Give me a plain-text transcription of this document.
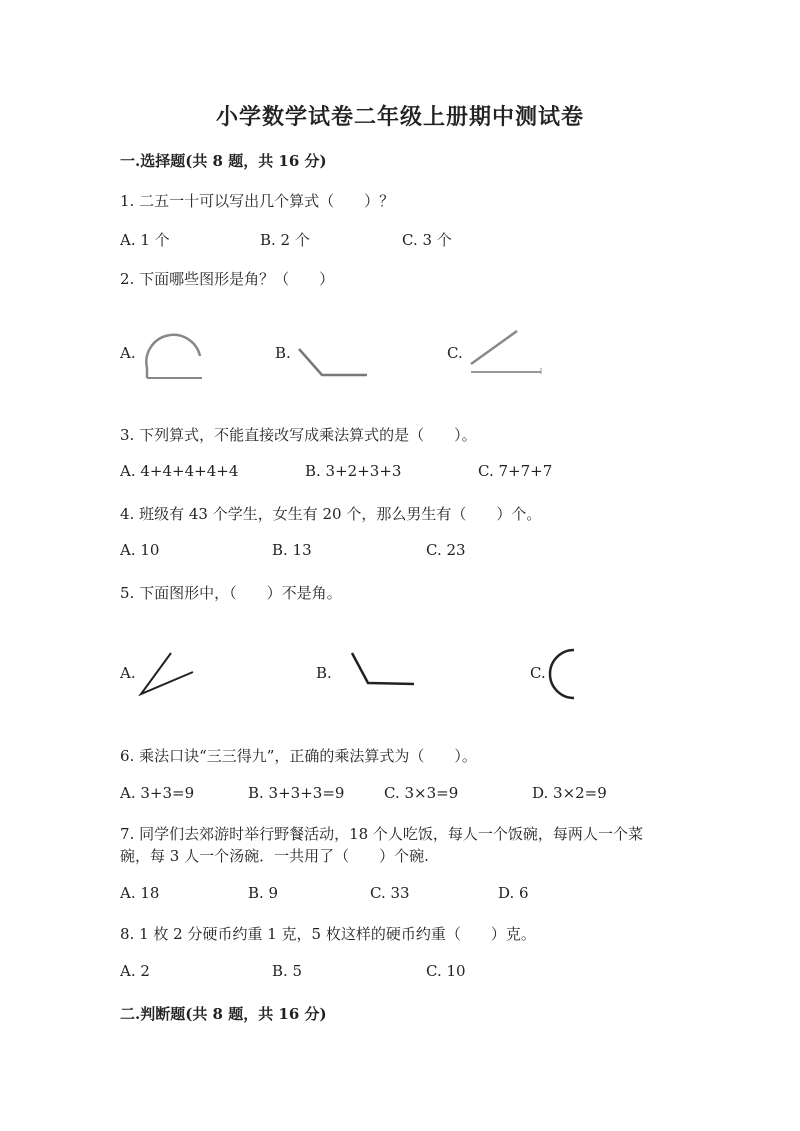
小学数学试卷二年级上册期中测试卷
一.选择题(共 8 题，共 16 分)
1. 二五一十可以写出几个算式（　　）？
A. 1 个	B. 2 个	C. 3 个
2. 下面哪些图形是角？（　　）
A.	B.	C.
3. 下列算式，不能直接改写成乘法算式的是（　　）。
A. 4+4+4+4+4	B. 3+2+3+3	C. 7+7+7
4. 班级有 43 个学生，女生有 20 个，那么男生有（　　）个。
A. 10	B. 13	C. 23
5. 下面图形中，（　　）不是角。
A.	B.	C.
6. 乘法口诀“三三得九”，正确的乘法算式为（　　）。
A. 3+3=9	B. 3+3+3=9	C. 3×3=9	D. 3×2=9
7. 同学们去郊游时举行野餐活动，18 个人吃饭，每人一个饭碗，每两人一个菜
碗，每 3 人一个汤碗．一共用了（　　）个碗.
A. 18	B. 9	C. 33	D. 6
8. 1 枚 2 分硬币约重 1 克，5 枚这样的硬币约重（　　）克。
A. 2	B. 5	C. 10
二.判断题(共 8 题，共 16 分)
